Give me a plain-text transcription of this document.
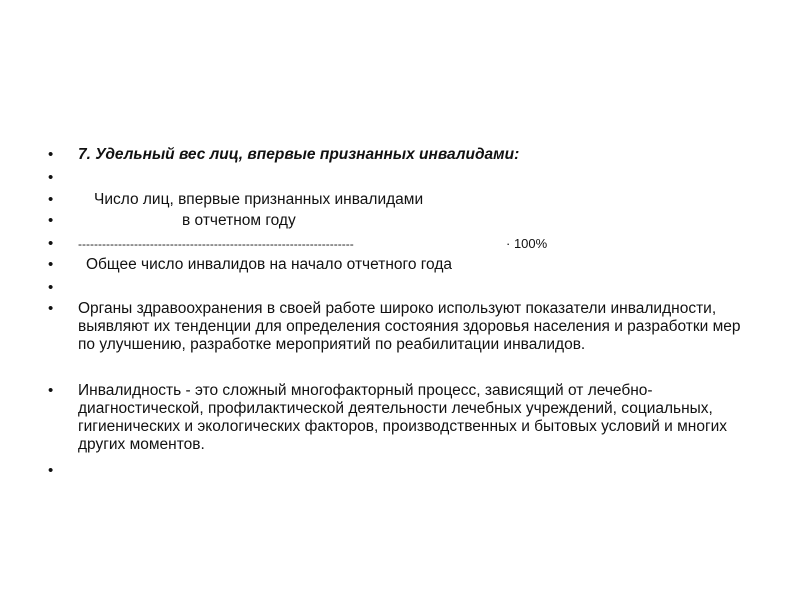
•	7. Удельный вес лиц, впервые признанных инвалидами:
•
•	Число лиц, впервые признанных инвалидами
•	в отчетном году
•	---------------------------------------------------------------------	· 100%
•	Общее число инвалидов на начало отчетного года
•
•	Органы здравоохранения в своей работе широко используют показатели инвалидности, выявляют их тенденции для определения состояния здоровья населения и разработки мер по улучшению, разработке мероприятий по реабилитации инвалидов.
•	Инвалидность - это сложный многофакторный процесс, зависящий от лечебно-диагностической, профилактической деятельности лечебных учреждений, социальных, гигиенических и экологических факторов, производственных и бытовых условий и многих других моментов.
•
